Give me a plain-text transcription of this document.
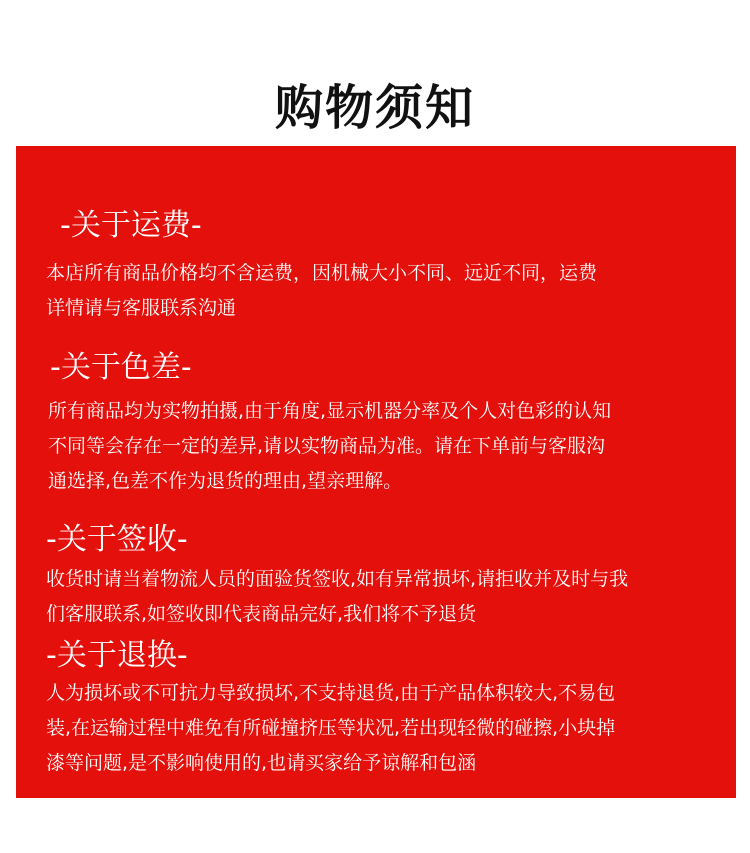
购物须知
-关于运费-
本店所有商品价格均不含运费，因机械大小不同、远近不同，运费
详情请与客服联系沟通
-关于色差-
所有商品均为实物拍摄,由于角度,显示机器分率及个人对色彩的认知
不同等会存在一定的差异,请以实物商品为准。请在下单前与客服沟
通选择,色差不作为退货的理由,望亲理解。
-关于签收-
收货时请当着物流人员的面验货签收,如有异常损坏,请拒收并及时与我
们客服联系,如签收即代表商品完好,我们将不予退货
-关于退换-
人为损坏或不可抗力导致损坏,不支持退货,由于产品体积较大,不易包
装,在运输过程中难免有所碰撞挤压等状况,若出现轻微的碰擦,小块掉
漆等问题,是不影响使用的,也请买家给予谅解和包涵
